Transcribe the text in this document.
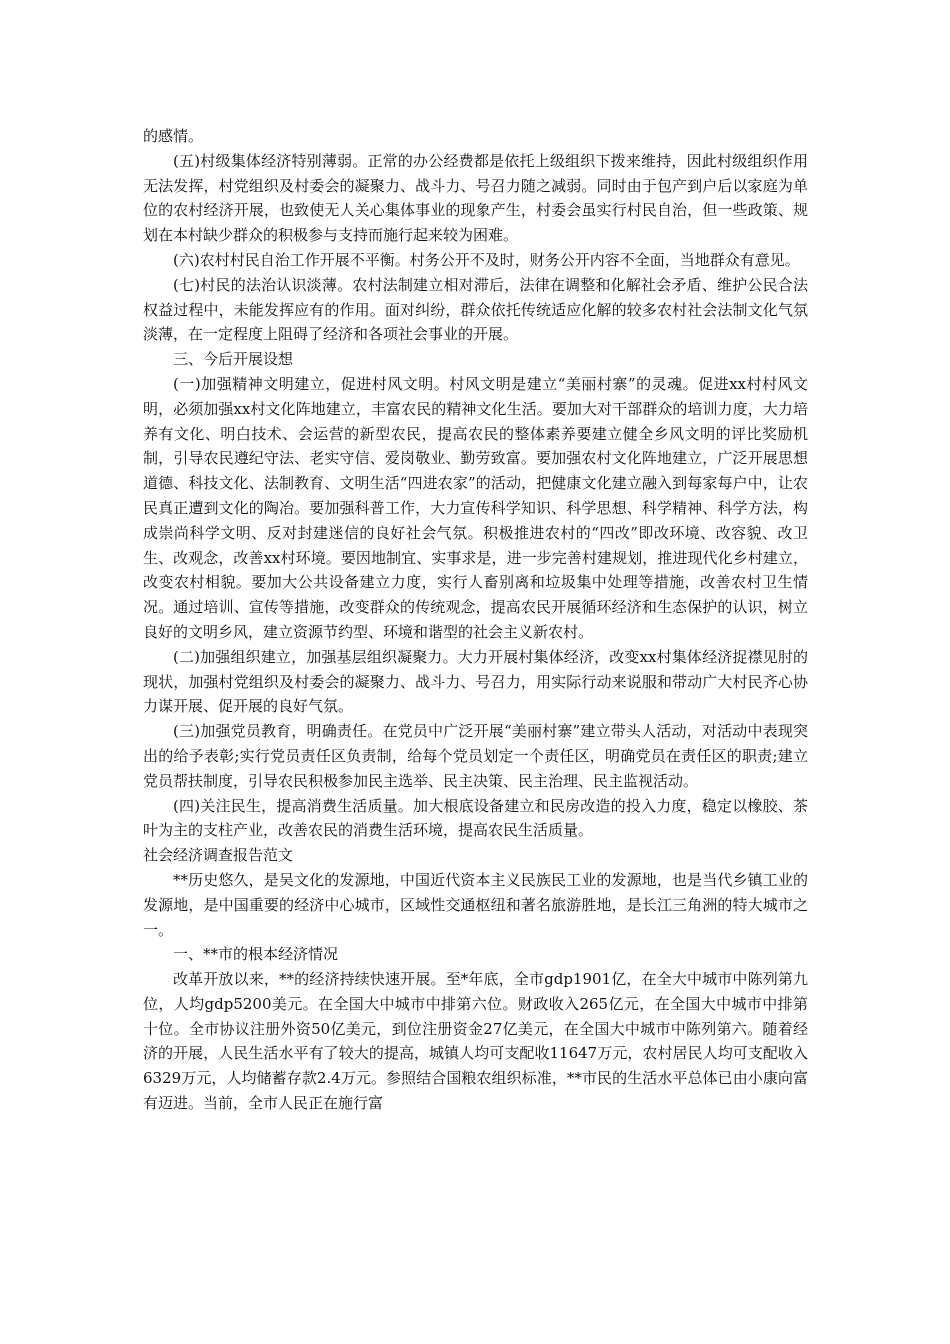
的感情。

(五)村级集体经济特别薄弱。正常的办公经费都是依托上级组织下拨来维持，因此村级组织作用无法发挥，村党组织及村委会的凝聚力、战斗力、号召力随之减弱。同时由于包产到户后以家庭为单位的农村经济开展，也致使无人关心集体事业的现象产生，村委会虽实行村民自治，但一些政策、规划在本村缺少群众的积极参与支持而施行起来较为困难。

(六)农村村民自治工作开展不平衡。村务公开不及时，财务公开内容不全面，当地群众有意见。

(七)村民的法治认识淡薄。农村法制建立相对滞后，法律在调整和化解社会矛盾、维护公民合法权益过程中，未能发挥应有的作用。面对纠纷，群众依托传统适应化解的较多农村社会法制文化气氛淡薄，在一定程度上阻碍了经济和各项社会事业的开展。

三、今后开展设想

(一)加强精神文明建立，促进村风文明。村风文明是建立“美丽村寨”的灵魂。促进xx村村风文明，必须加强xx村文化阵地建立，丰富农民的精神文化生活。要加大对干部群众的培训力度，大力培养有文化、明白技术、会运营的新型农民，提高农民的整体素养要建立健全乡风文明的评比奖励机制，引导农民遵纪守法、老实守信、爱岗敬业、勤劳致富。要加强农村文化阵地建立，广泛开展思想道德、科技文化、法制教育、文明生活“四进农家”的活动，把健康文化建立融入到每家每户中，让农民真正遭到文化的陶冶。要加强科普工作，大力宣传科学知识、科学思想、科学精神、科学方法，构成崇尚科学文明、反对封建迷信的良好社会气氛。积极推进农村的“四改”即改环境、改容貌、改卫生、改观念，改善xx村环境。要因地制宜、实事求是，进一步完善村建规划，推进现代化乡村建立，改变农村相貌。要加大公共设备建立力度，实行人畜别离和垃圾集中处理等措施，改善农村卫生情况。通过培训、宣传等措施，改变群众的传统观念，提高农民开展循环经济和生态保护的认识，树立良好的文明乡风，建立资源节约型、环境和谐型的社会主义新农村。

(二)加强组织建立，加强基层组织凝聚力。大力开展村集体经济，改变xx村集体经济捉襟见肘的现状，加强村党组织及村委会的凝聚力、战斗力、号召力，用实际行动来说服和带动广大村民齐心协力谋开展、促开展的良好气氛。

(三)加强党员教育，明确责任。在党员中广泛开展“美丽村寨”建立带头人活动，对活动中表现突出的给予表彰;实行党员责任区负责制，给每个党员划定一个责任区，明确党员在责任区的职责;建立党员帮扶制度，引导农民积极参加民主选举、民主决策、民主治理、民主监视活动。

(四)关注民生，提高消费生活质量。加大根底设备建立和民房改造的投入力度，稳定以橡胶、茶叶为主的支柱产业，改善农民的消费生活环境，提高农民生活质量。

社会经济调查报告范文

**历史悠久，是吴文化的发源地，中国近代资本主义民族民工业的发源地，也是当代乡镇工业的发源地，是中国重要的经济中心城市，区域性交通枢纽和著名旅游胜地，是长江三角洲的特大城市之一。

一、**市的根本经济情况

改革开放以来，**的经济持续快速开展。至*年底，全市gdp1901亿，在全大中城市中陈列第九位，人均gdp5200美元。在全国大中城市中排第六位。财政收入265亿元，在全国大中城市中排第十位。全市协议注册外资50亿美元，到位注册资金27亿美元，在全国大中城市中陈列第六。随着经济的开展，人民生活水平有了较大的提高，城镇人均可支配收11647万元，农村居民人均可支配收入6329万元，人均储蓄存款2.4万元。参照结合国粮农组织标准，**市民的生活水平总体已由小康向富有迈进。当前，全市人民正在施行富
